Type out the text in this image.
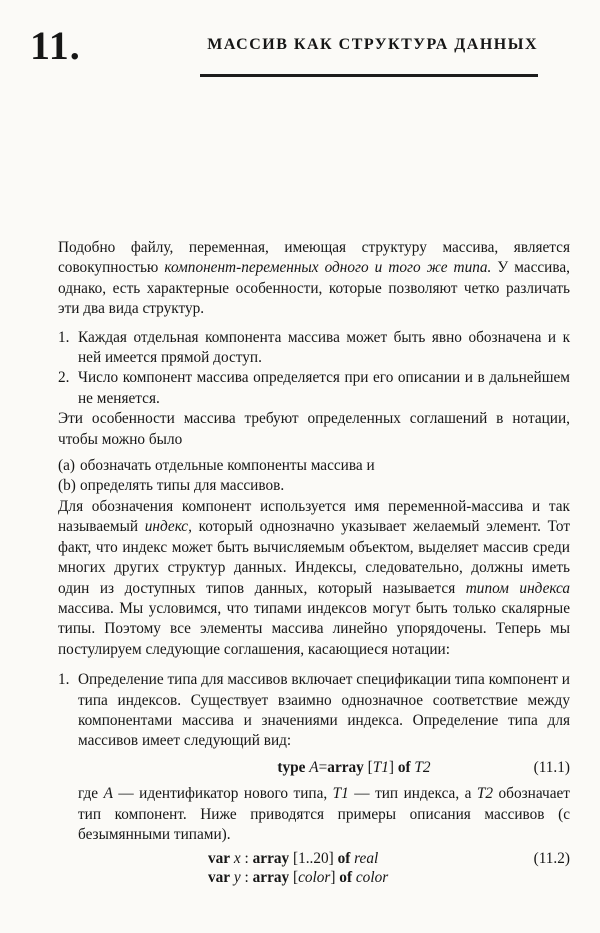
11.	МАССИВ КАК СТРУКТУРА ДАННЫХ

Подобно файлу, переменная, имеющая структуру массива, является совокупностью компонент-переменных одного и того же типа. У массива, однако, есть характерные особенности, которые позволяют четко различать эти два вида структур.

1. Каждая отдельная компонента массива может быть явно обозначена и к ней имеется прямой доступ.
2. Число компонент массива определяется при его описании и в дальнейшем не меняется.

Эти особенности массива требуют определенных соглашений в нотации, чтобы можно было

(a) обозначать отдельные компоненты массива и
(b) определять типы для массивов.

Для обозначения компонент используется имя переменной-массива и так называемый индекс, который однозначно указывает желаемый элемент. Тот факт, что индекс может быть вычисляемым объектом, выделяет массив среди многих других структур данных. Индексы, следовательно, должны иметь один из доступных типов данных, который называется типом индекса массива. Мы условимся, что типами индексов могут быть только скалярные типы. Поэтому все элементы массива линейно упорядочены. Теперь мы постулируем следующие соглашения, касающиеся нотации:

1. Определение типа для массивов включает спецификации типа компонент и типа индексов. Существует взаимно однозначное соответствие между компонентами массива и значениями индекса. Определение типа для массивов имеет следующий вид:
type A=array [T1] of T2	(11.1)
где A — идентификатор нового типа, T1 — тип индекса, а T2 обозначает тип компонент. Ниже приводятся примеры описания массивов (с безымянными типами).
(11.2)
var x : array [1..20] of real
var y : array [color] of color
